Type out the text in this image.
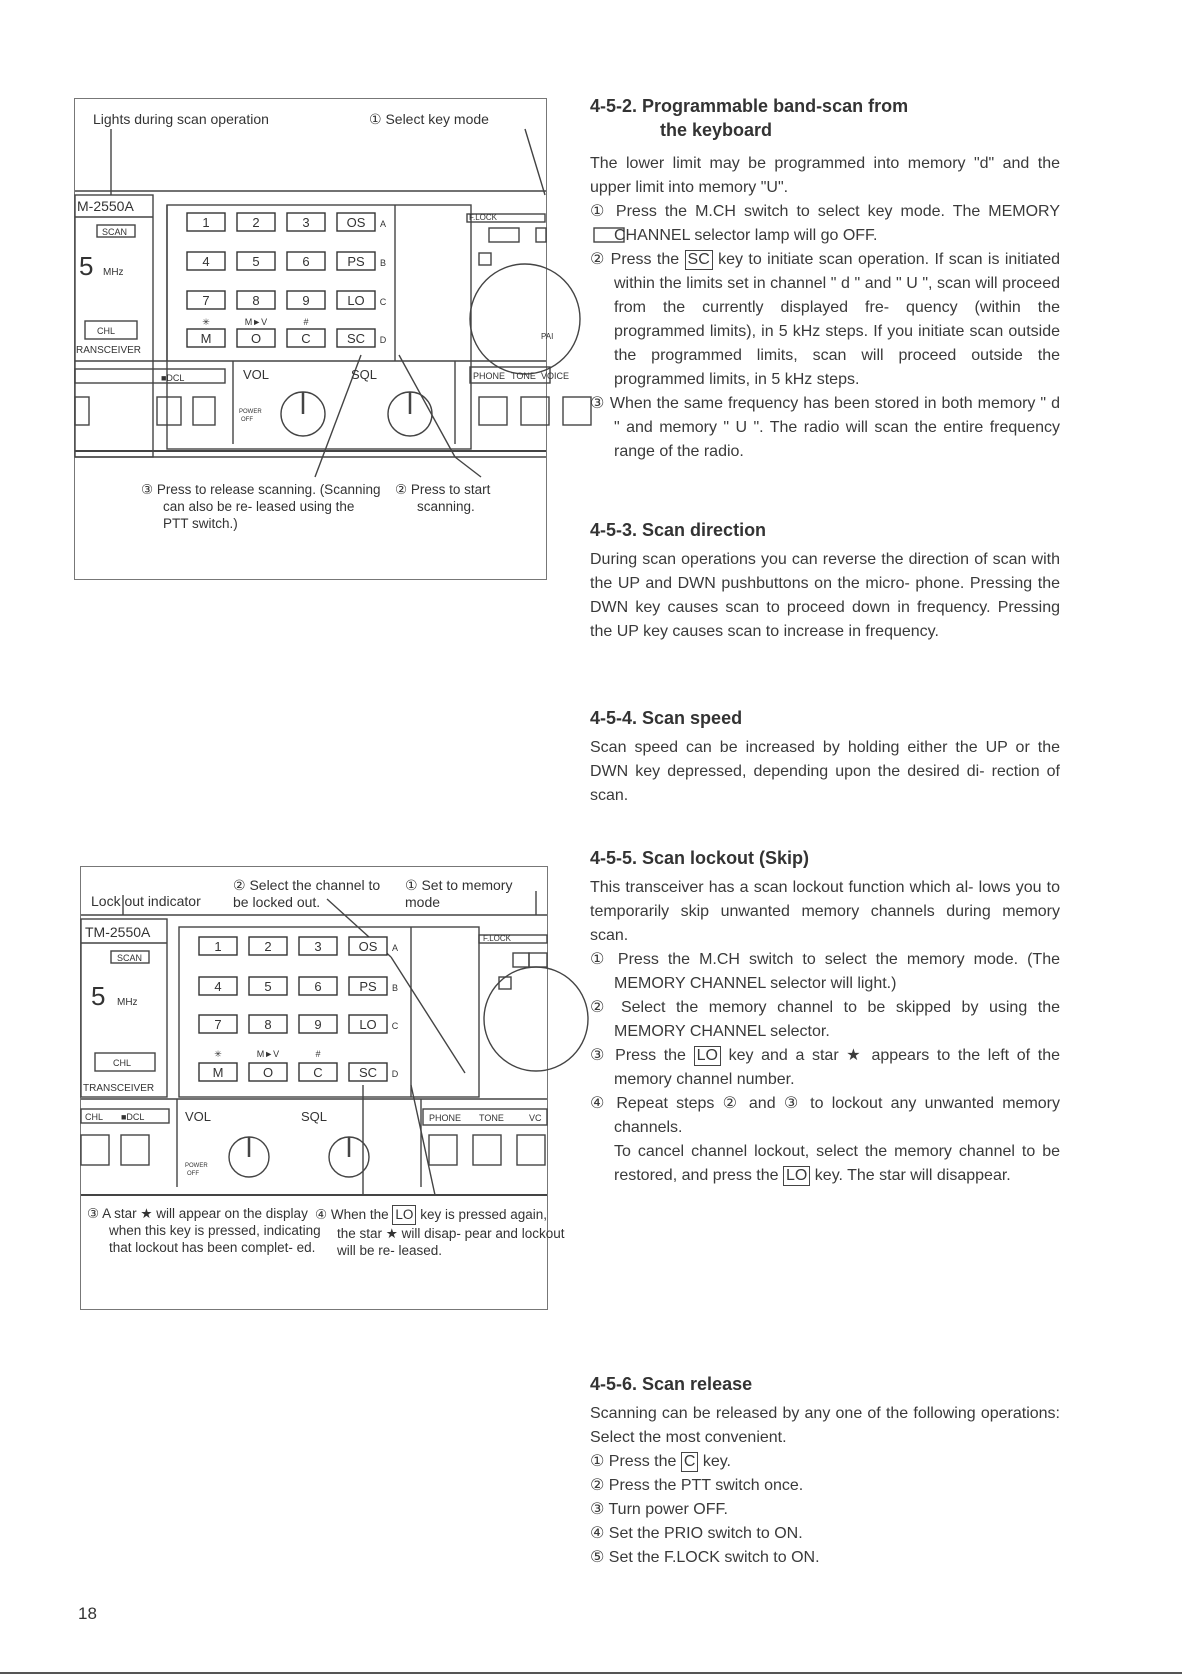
1	2	3	OS
4	5	6	PS
7	8	9	LO
M	O	C	SC
A
B
C
D
✳	M►V	#
M-2550A
SCAN
5 MHz
CHL
RANSCEIVER
F.LOCK
PAI
■DCL	VOL	SQL	PHONE TONE VOICE
POWER
OFF
Lights during scan operation	① Select key mode
③ Press to release scanning. (Scanning can also be re- leased using the PTT switch.)
② Press to start scanning.
1	2	3	OS
4	5	6	PS
7	8	9	LO
M	O	C	SC
A
B
C
D
✳	M►V	#
TM-2550A
SCAN
5 MHz
CHL
TRANSCEIVER
F.LOCK
CHL ■DCL	VOL	SQL	PHONE TONE	VC
POWER
OFF
② Select the channel to be locked out.
① Set to memory mode
Lock out indicator
③ A star ★ will appear on the display when this key is pressed, indicating that lockout has been complet- ed.
④ When the LO key is pressed again, the star ★ will disap- pear and lockout will be re- leased.
4-5-2. Programmable band-scan from
the keyboard

The lower limit may be programmed into memory "d" and the upper limit into memory "U".

① Press the M.CH switch to select key mode. The MEMORY CHANNEL selector lamp will go OFF.
② Press the SC key to initiate scan operation. If scan is initiated within the limits set in channel " d " and " U ", scan will proceed from the currently displayed fre- quency (within the programmed limits), in 5 kHz steps. If you initiate scan outside the programmed limits, scan will proceed outside the programmed limits, in 5 kHz steps.
③ When the same frequency has been stored in both memory " d " and memory " U ". The radio will scan the entire frequency range of the radio.
4-5-3. Scan direction

During scan operations you can reverse the direction of scan with the UP and DWN pushbuttons on the micro- phone. Pressing the DWN key causes scan to proceed down in frequency. Pressing the UP key causes scan to increase in frequency.

4-5-4. Scan speed

Scan speed can be increased by holding either the UP or the DWN key depressed, depending upon the desired di- rection of scan.

4-5-5. Scan lockout (Skip)

This transceiver has a scan lockout function which al- lows you to temporarily skip unwanted memory channels during memory scan.

① Press the M.CH switch to select the memory mode. (The MEMORY CHANNEL selector will light.)
② Select the memory channel to be skipped by using the MEMORY CHANNEL selector.
③ Press the LO key and a star ★ appears to the left of the memory channel number.
④ Repeat steps ② and ③ to lockout any unwanted memory channels.
To cancel channel lockout, select the memory channel to be restored, and press the LO key. The star will disappear.
4-5-6. Scan release

Scanning can be released by any one of the following operations: Select the most convenient.

① Press the C key.
② Press the PTT switch once.
③ Turn power OFF.
④ Set the PRIO switch to ON.
⑤ Set the F.LOCK switch to ON.
18
